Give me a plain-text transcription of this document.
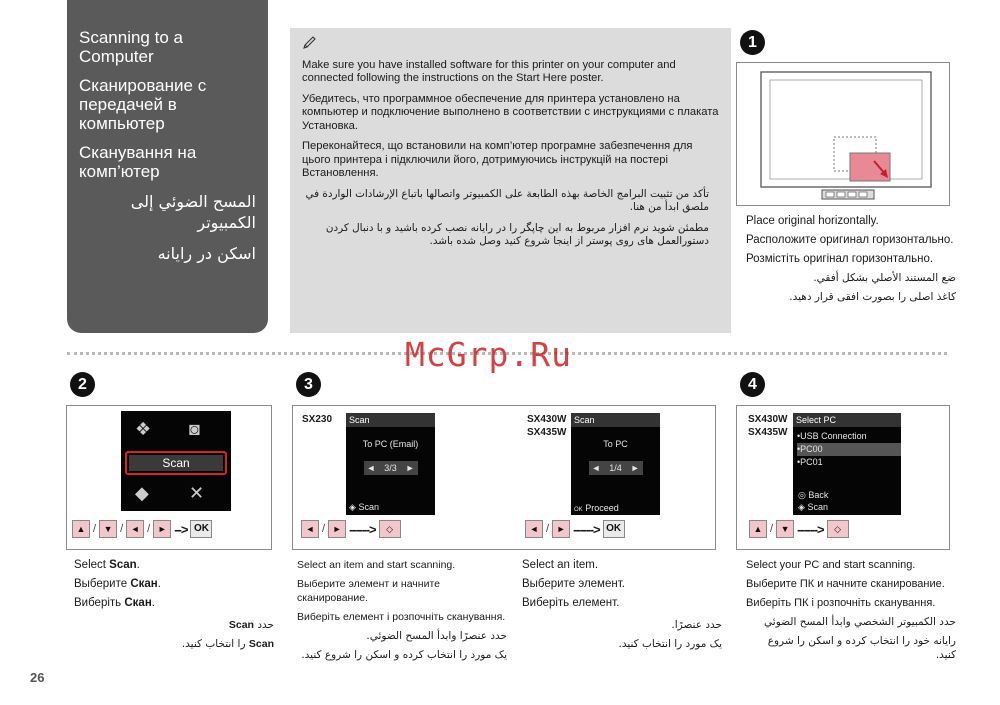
Scanning to a Computer
Сканирование с передачей в компьютер
Сканування на комп’ютер
المسح الضوئي إلى الكمبيوتر
اسکن در رایانه

Make sure you have installed software for this printer on your computer and connected following the instructions on the Start Here poster.

Убедитесь, что программное обеспечение для принтера установлено на компьютер и подключение выполнено в соответствии с инструкциями с плаката Установка.

Переконайтеся, що встановили на комп’ютер програмне забезпечення для цього принтера і підключили його, дотримуючись інструкцій на постері Встановлення.

تأكد من تثبيت البرامج الخاصة بهذه الطابعة على الكمبيوتر واتصالها باتباع الإرشادات الواردة في ملصق ابدأ من هنا.

مطمئن شوید نرم افزار مربوط به این چاپگر را در رایانه نصب کرده باشید و با دنبال کردن دستورالعمل های روی پوستر از اینجا شروع کنید وصل شده باشد.

1
Place original horizontally.
Расположите оригинал горизонтально.
Розмістіть оригінал горизонтально.
ضع المستند الأصلي بشكل أفقي.
کاغذ اصلی را بصورت افقی قرار دهید.
McGrp.Ru
2
❖ ◙
Scan
◆ ✕
▲ / ▼ / ◄ / ► --> OK
Select Scan.
Выберите Скан.
Виберіть Скан.
حدد Scan
Scan را انتخاب کنید.
3
SX230	Scan
To PC (Email)
◄ 3/3 ►
◈ Scan
◄ / ► ------>	◇
SX430W
SX435W
Scan
To PC
◄ 1/4 ►
OK Proceed
◄ / ► ------> OK
Select an item and start scanning.
Выберите элемент и начните сканирование.
Виберіть елемент і розпочніть сканування.
حدد عنصرًا وابدأ المسح الضوئي.
یک مورد را انتخاب کرده و اسکن را شروع کنید.
Select an item.
Выберите элемент.
Виберіть елемент.
حدد عنصرًا.
یک مورد را انتخاب کنید.
4
SX430W
SX435W
Select PC
•USB Connection
•PC00
•PC01
◎ Back
◈ Scan
▲ / ▼ ------>	◇
Select your PC and start scanning.
Выберите ПК и начните сканирование.
Виберіть ПК і розпочніть сканування.
حدد الكمبيوتر الشخصي وابدأ المسح الضوئي
رایانه خود را انتخاب کرده و اسکن را شروع کنید.
26
